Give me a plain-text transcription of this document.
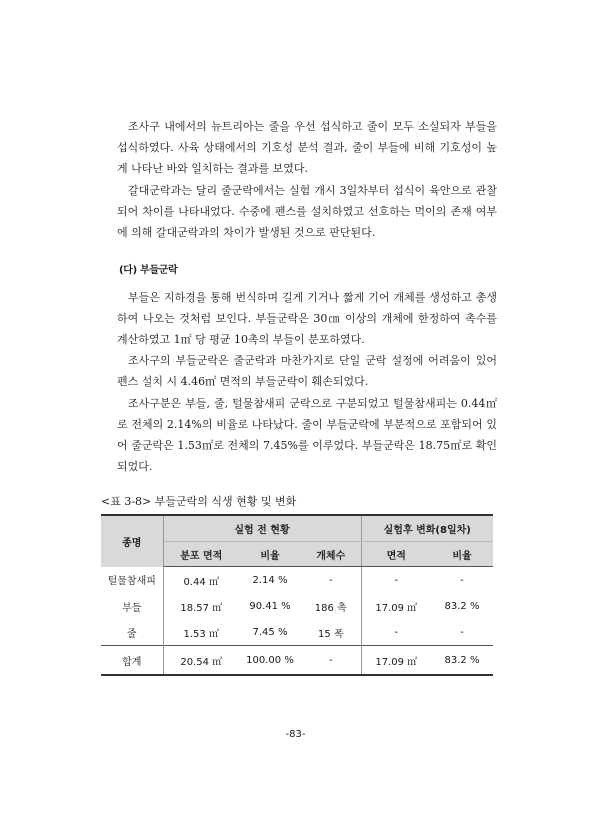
조사구 내에서의 뉴트리아는 줄을 우선 섭식하고 줄이 모두 소실되자 부들을 섭식하였다. 사육 상태에서의 기호성 분석 결과, 줄이 부들에 비해 기호성이 높게 나타난 바와 일치하는 결과를 보였다.

갈대군락과는 달리 줄군락에서는 실험 개시 3일차부터 섭식이 육안으로 관찰되어 차이를 나타내었다. 수중에 펜스를 설치하였고 선호하는 먹이의 존재 여부에 의해 갈대군락과의 차이가 발생된 것으로 판단된다.

(다) 부들군락

부들은 지하경을 통해 번식하며 길게 기거나 짧게 기어 개체를 생성하고 총생 하여 나오는 것처럼 보인다. 부들군락은 30㎝ 이상의 개체에 한정하여 촉수를 계산하였고 1㎡ 당 평균 10촉의 부들이 분포하였다.

조사구의 부들군락은 줄군락과 마찬가지로 단일 군락 설정에 어려움이 있어 펜스 설치 시 4.46㎡ 면적의 부들군락이 훼손되었다.

조사구분은 부들, 줄, 털물참새피 군락으로 구분되었고 털물참새피는 0.44㎡로 전체의 2.14%의 비율로 나타났다. 줄이 부들군락에 부분적으로 포함되어 있어 줄군락은 1.53㎡로 전체의 7.45%를 이루었다. 부들군락은 18.75㎡로 확인되었다.

<표 3-8> 부들군락의 식생 현황 및 변화
종명	실험 전 현황			실험후 변화(8일차)	
	분포 면적	비율	개체수	면적	비율
털물참새피	0.44 ㎡	2.14 %	-	-	-
부들	18.57 ㎡	90.41 %	186 촉	17.09 ㎡	83.2 %
줄	1.53 ㎡	7.45 %	15 폭	-	-
합계	20.54 ㎡	100.00 %	-	17.09 ㎡	83.2 %
-83-
